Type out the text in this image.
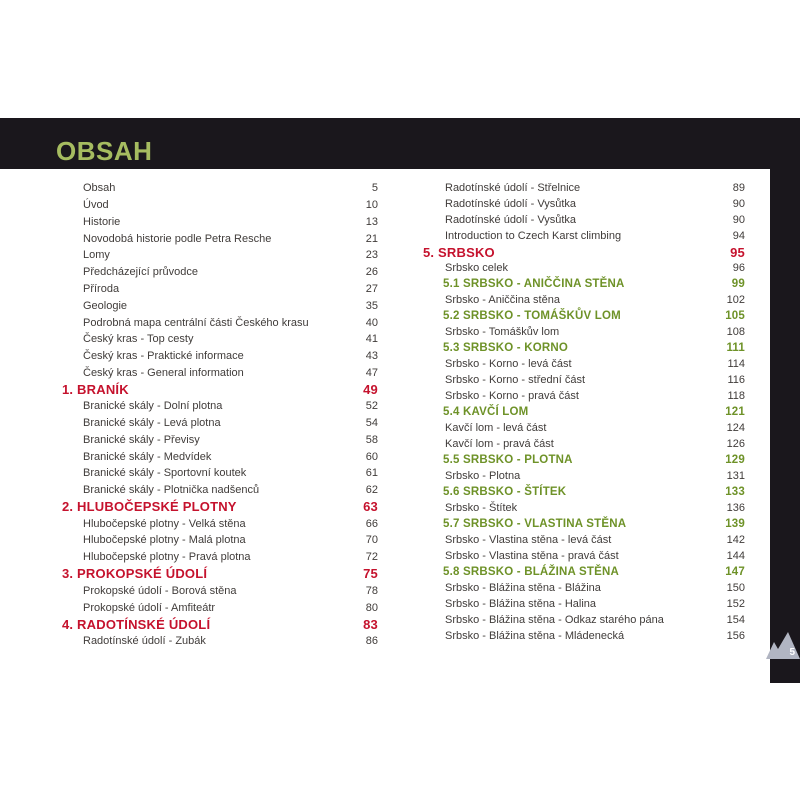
OBSAH
Obsah	5
Úvod	10
Historie	13
Novodobá historie podle Petra Resche	21
Lomy	23
Předcházející průvodce	26
Příroda	27
Geologie	35
Podrobná mapa centrální části Českého krasu	40
Český kras - Top cesty	41
Český kras - Praktické informace	43
Český kras - General information	47
1. BRANÍK	49
Branické skály - Dolní plotna	52
Branické skály - Levá plotna	54
Branické skály - Převisy	58
Branické skály - Medvídek	60
Branické skály - Sportovní koutek	61
Branické skály - Plotnička nadšenců	62
2. HLUBOČEPSKÉ PLOTNY	63
Hlubočepské plotny - Velká stěna	66
Hlubočepské plotny - Malá plotna	70
Hlubočepské plotny - Pravá plotna	72
3. PROKOPSKÉ ÚDOLÍ	75
Prokopské údolí - Borová stěna	78
Prokopské údolí - Amfiteátr	80
4. RADOTÍNSKÉ ÚDOLÍ	83
Radotínské údolí - Zubák	86
Radotínské údolí - Střelnice	89
Radotínské údolí - Vysůtka	90
Radotínské údolí - Vysůtka	90
Introduction to Czech Karst climbing	94
5. SRBSKO	95
Srbsko celek	96
5.1 SRBSKO - ANIČČINA STĚNA	99
Srbsko - Aniččina stěna	102
5.2 SRBSKO - TOMÁŠKŮV LOM	105
Srbsko - Tomáškův lom	108
5.3 SRBSKO - KORNO	111
Srbsko - Korno - levá část	114
Srbsko - Korno - střední část	116
Srbsko - Korno - pravá část	118
5.4 KAVČÍ LOM	121
Kavčí lom - levá část	124
Kavčí lom - pravá část	126
5.5 SRBSKO - PLOTNA	129
Srbsko - Plotna	131
5.6 SRBSKO - ŠTÍTEK	133
Srbsko - Štítek	136
5.7 SRBSKO - VLASTINA STĚNA	139
Srbsko - Vlastina stěna - levá část	142
Srbsko - Vlastina stěna - pravá část	144
5.8 SRBSKO - BLÁŽINA STĚNA	147
Srbsko - Blážina stěna - Blážina	150
Srbsko - Blážina stěna - Halina	152
Srbsko - Blážina stěna - Odkaz starého pána	154
Srbsko - Blážina stěna - Mládenecká	156
5
